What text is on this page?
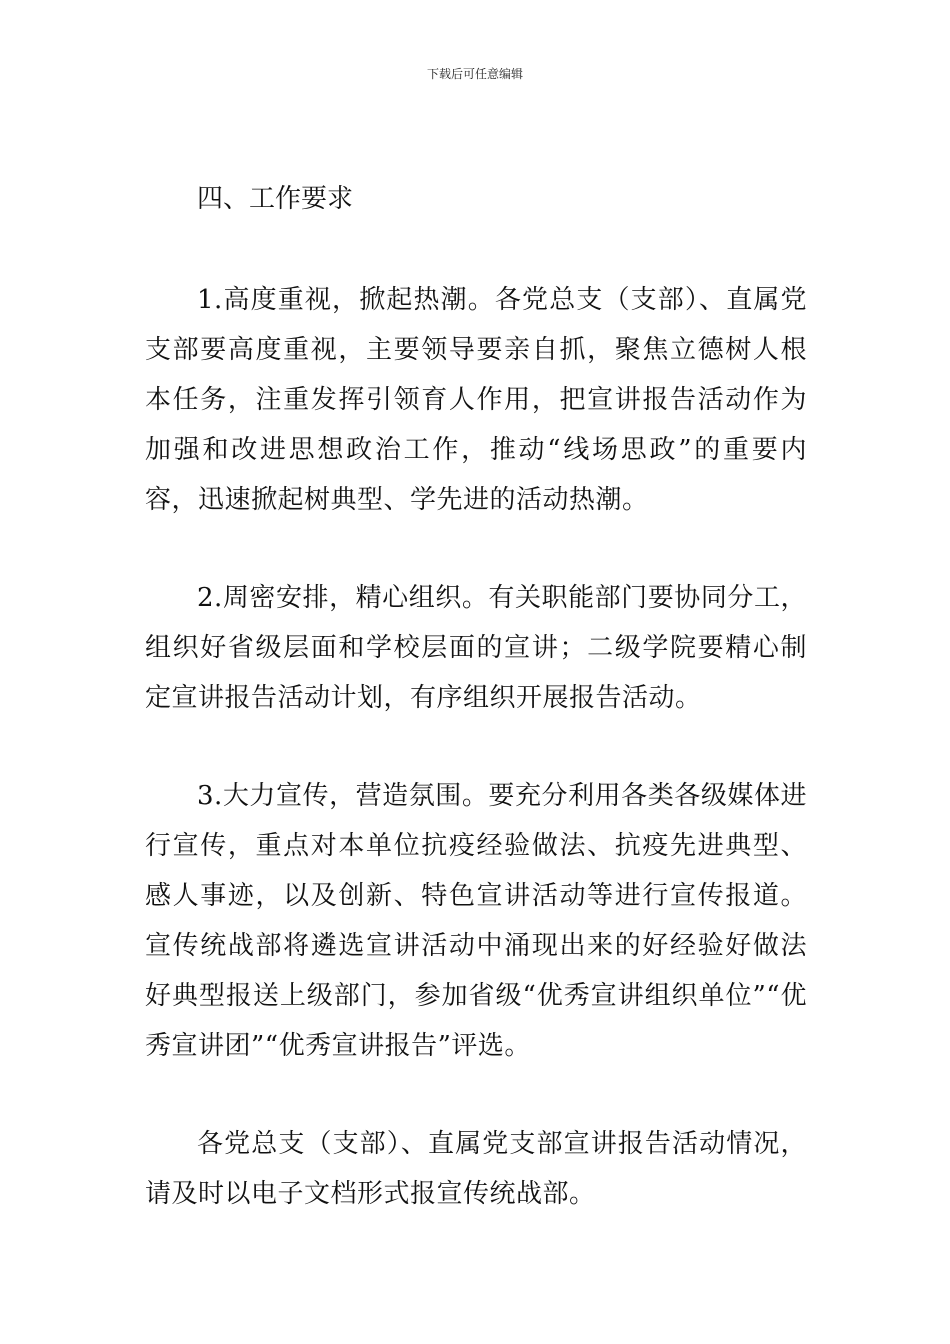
下载后可任意编辑
四、工作要求

1.高度重视，掀起热潮。各党总支（支部）、直属党支部要高度重视，主要领导要亲自抓，聚焦立德树人根本任务，注重发挥引领育人作用，把宣讲报告活动作为加强和改进思想政治工作，推动“线场思政”的重要内容，迅速掀起树典型、学先进的活动热潮。

2.周密安排，精心组织。有关职能部门要协同分工，组织好省级层面和学校层面的宣讲；二级学院要精心制定宣讲报告活动计划，有序组织开展报告活动。

3.大力宣传，营造氛围。要充分利用各类各级媒体进行宣传，重点对本单位抗疫经验做法、抗疫先进典型、感人事迹，以及创新、特色宣讲活动等进行宣传报道。宣传统战部将遴选宣讲活动中涌现出来的好经验好做法好典型报送上级部门，参加省级“优秀宣讲组织单位”“优秀宣讲团”“优秀宣讲报告”评选。

各党总支（支部）、直属党支部宣讲报告活动情况，请及时以电子文档形式报宣传统战部。
